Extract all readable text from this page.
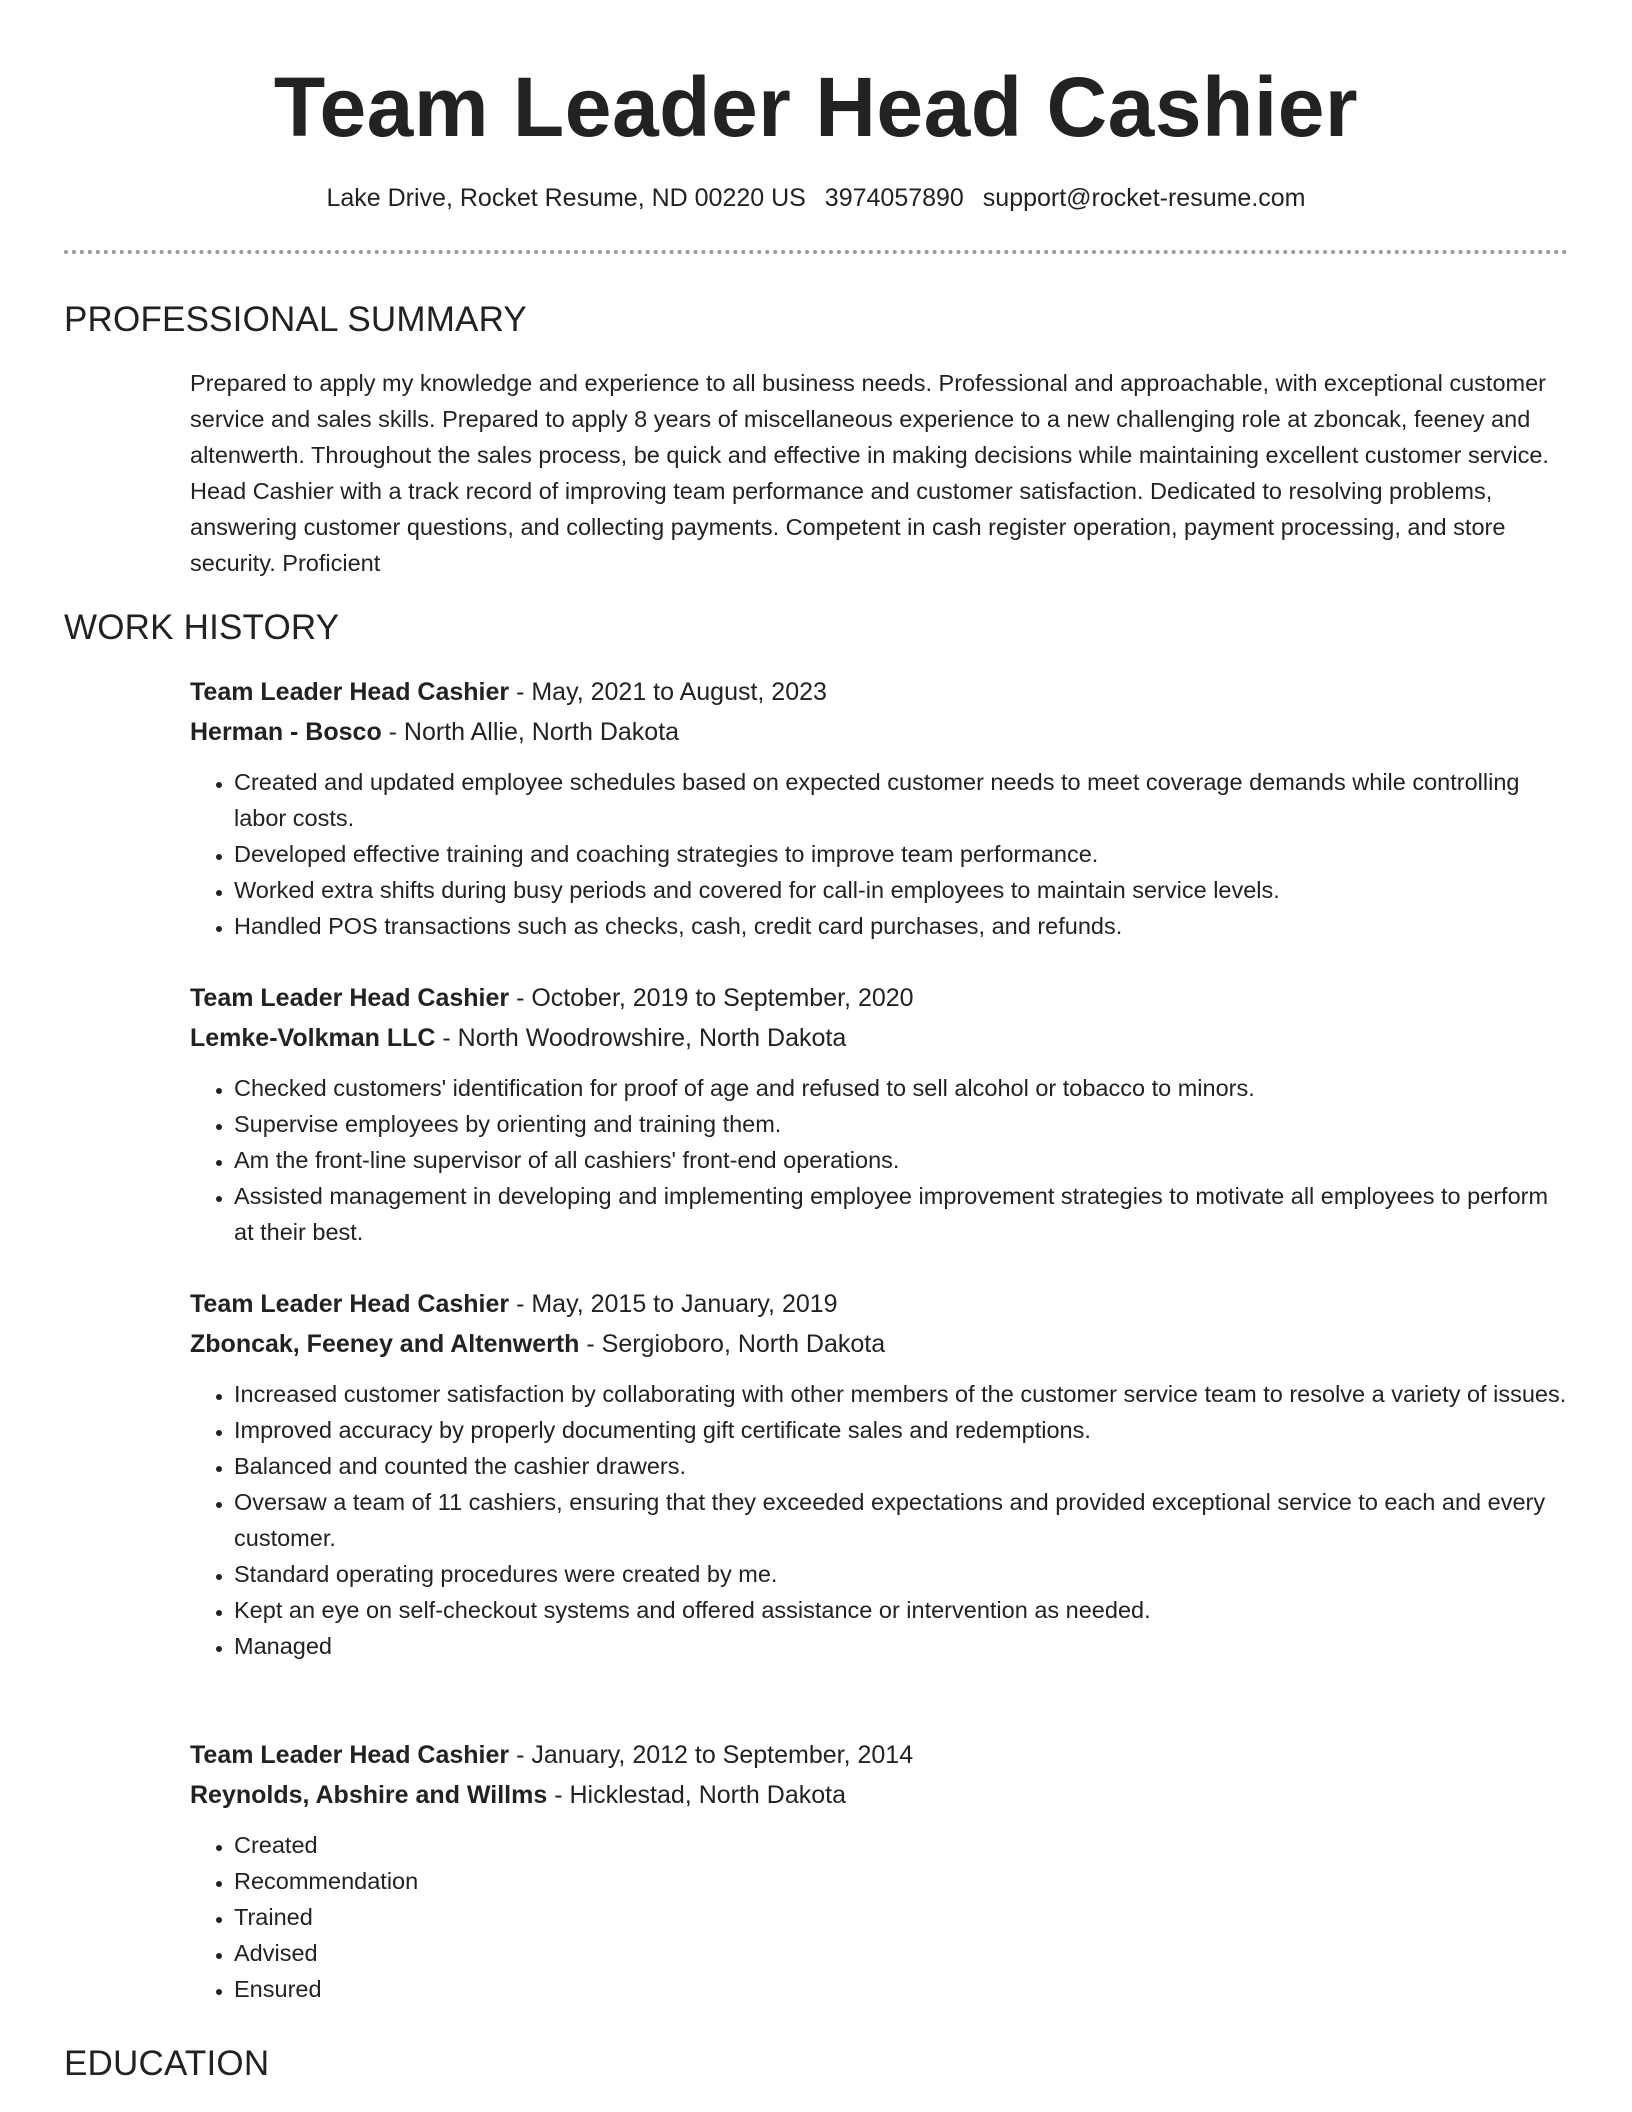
Team Leader Head Cashier
Lake Drive, Rocket Resume, ND 00220 US 3974057890 support@rocket-resume.com
PROFESSIONAL SUMMARY

Prepared to apply my knowledge and experience to all business needs. Professional and approachable, with exceptional customer service and sales skills. Prepared to apply 8 years of miscellaneous experience to a new challenging role at zboncak, feeney and altenwerth. Throughout the sales process, be quick and effective in making decisions while maintaining excellent customer service. Head Cashier with a track record of improving team performance and customer satisfaction. Dedicated to resolving problems, answering customer questions, and collecting payments. Competent in cash register operation, payment processing, and store security. Proficient

WORK HISTORY
Team Leader Head Cashier - May, 2021 to August, 2023
Herman - Bosco - North Allie, North Dakota
• Created and updated employee schedules based on expected customer needs to meet coverage demands while controlling labor costs.
• Developed effective training and coaching strategies to improve team performance.
• Worked extra shifts during busy periods and covered for call-in employees to maintain service levels.
• Handled POS transactions such as checks, cash, credit card purchases, and refunds.
Team Leader Head Cashier - October, 2019 to September, 2020
Lemke-Volkman LLC - North Woodrowshire, North Dakota
• Checked customers' identification for proof of age and refused to sell alcohol or tobacco to minors.
• Supervise employees by orienting and training them.
• Am the front-line supervisor of all cashiers' front-end operations.
• Assisted management in developing and implementing employee improvement strategies to motivate all employees to perform at their best.
Team Leader Head Cashier - May, 2015 to January, 2019
Zboncak, Feeney and Altenwerth - Sergioboro, North Dakota
• Increased customer satisfaction by collaborating with other members of the customer service team to resolve a variety of issues.
• Improved accuracy by properly documenting gift certificate sales and redemptions.
• Balanced and counted the cashier drawers.
• Oversaw a team of 11 cashiers, ensuring that they exceeded expectations and provided exceptional service to each and every customer.
• Standard operating procedures were created by me.
• Kept an eye on self-checkout systems and offered assistance or intervention as needed.
• Managed
Team Leader Head Cashier - January, 2012 to September, 2014
Reynolds, Abshire and Willms - Hicklestad, North Dakota
• Created
• Recommendation
• Trained
• Advised
• Ensured
EDUCATION
